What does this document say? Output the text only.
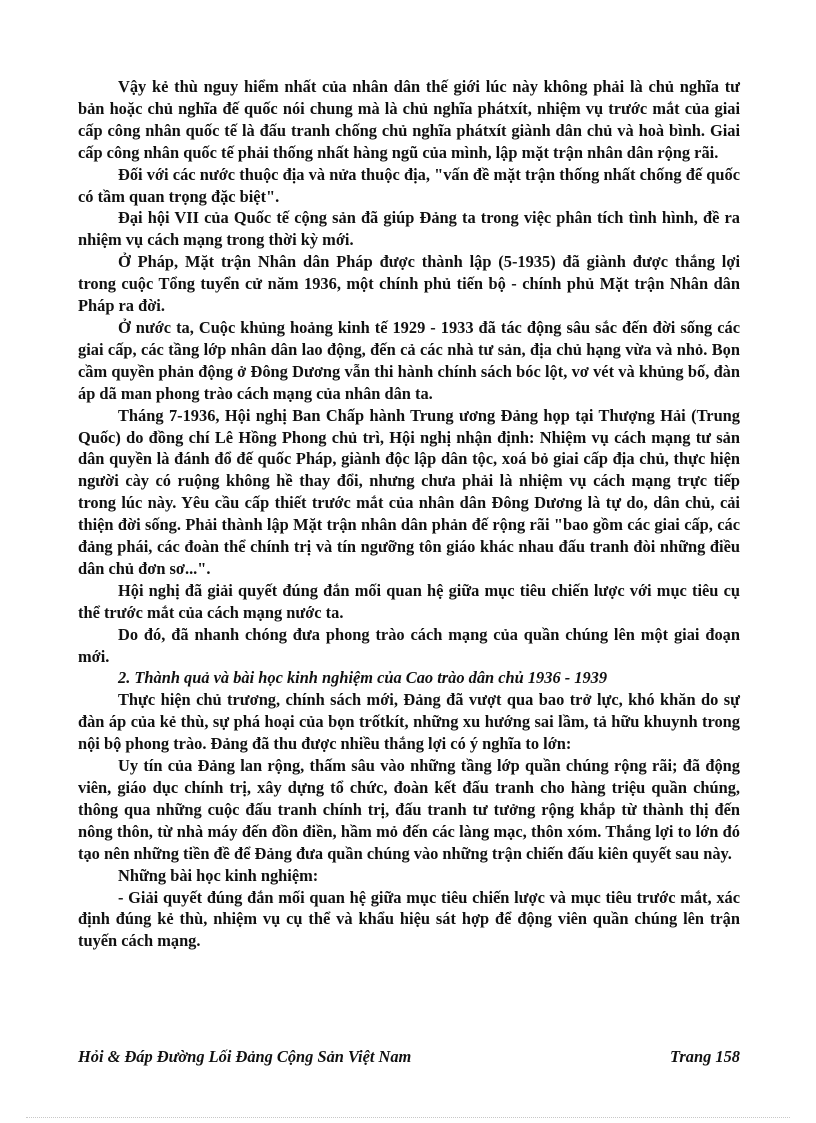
Vậy kẻ thù nguy hiểm nhất của nhân dân thế giới lúc này không phải là chủ nghĩa tư bản hoặc chủ nghĩa đế quốc nói chung mà là chủ nghĩa phátxít, nhiệm vụ trước mắt của giai cấp công nhân quốc tế là đấu tranh chống chủ nghĩa phátxít giành dân chủ và hoà bình. Giai cấp công nhân quốc tế phải thống nhất hàng ngũ của mình, lập mặt trận nhân dân rộng rãi.

Đối với các nước thuộc địa và nửa thuộc địa, "vấn đề mặt trận thống nhất chống đế quốc có tầm quan trọng đặc biệt".

Đại hội VII của Quốc tế cộng sản đã giúp Đảng ta trong việc phân tích tình hình, đề ra nhiệm vụ cách mạng trong thời kỳ mới.

Ở Pháp, Mặt trận Nhân dân Pháp được thành lập (5-1935) đã giành được thắng lợi trong cuộc Tổng tuyển cử năm 1936, một chính phủ tiến bộ - chính phủ Mặt trận Nhân dân Pháp ra đời.

Ở nước ta, Cuộc khủng hoảng kinh tế 1929 - 1933 đã tác động sâu sắc đến đời sống các giai cấp, các tầng lớp nhân dân lao động, đến cả các nhà tư sản, địa chủ hạng vừa và nhỏ. Bọn cầm quyền phản động ở Đông Dương vẫn thi hành chính sách bóc lột, vơ vét và khủng bố, đàn áp dã man phong trào cách mạng của nhân dân ta.

Tháng 7-1936, Hội nghị Ban Chấp hành Trung ương Đảng họp tại Thượng Hải (Trung Quốc) do đồng chí Lê Hồng Phong chủ trì, Hội nghị nhận định: Nhiệm vụ cách mạng tư sản dân quyền là đánh đổ đế quốc Pháp, giành độc lập dân tộc, xoá bỏ giai cấp địa chủ, thực hiện người cày có ruộng không hề thay đổi, nhưng chưa phải là nhiệm vụ cách mạng trực tiếp trong lúc này. Yêu cầu cấp thiết trước mắt của nhân dân Đông Dương là tự do, dân chủ, cải thiện đời sống. Phải thành lập Mặt trận nhân dân phản đế rộng rãi "bao gồm các giai cấp, các đảng phái, các đoàn thể chính trị và tín ngưỡng tôn giáo khác nhau đấu tranh đòi những điều dân chủ đơn sơ...".

Hội nghị đã giải quyết đúng đắn mối quan hệ giữa mục tiêu chiến lược với mục tiêu cụ thể trước mắt của cách mạng nước ta.

Do đó, đã nhanh chóng đưa phong trào cách mạng của quần chúng lên một giai đoạn mới.

2. Thành quả và bài học kinh nghiệm của Cao trào dân chủ 1936 - 1939

Thực hiện chủ trương, chính sách mới, Đảng đã vượt qua bao trở lực, khó khăn do sự đàn áp của kẻ thù, sự phá hoại của bọn trốtkít, những xu hướng sai lầm, tả hữu khuynh trong nội bộ phong trào. Đảng đã thu được nhiều thắng lợi có ý nghĩa to lớn:

Uy tín của Đảng lan rộng, thấm sâu vào những tầng lớp quần chúng rộng rãi; đã động viên, giáo dục chính trị, xây dựng tổ chức, đoàn kết đấu tranh cho hàng triệu quần chúng, thông qua những cuộc đấu tranh chính trị, đấu tranh tư tưởng rộng khắp từ thành thị đến nông thôn, từ nhà máy đến đồn điền, hầm mỏ đến các làng mạc, thôn xóm. Thắng lợi to lớn đó tạo nên những tiền đề để Đảng đưa quần chúng vào những trận chiến đấu kiên quyết sau này.

Những bài học kinh nghiệm:

- Giải quyết đúng đắn mối quan hệ giữa mục tiêu chiến lược và mục tiêu trước mắt, xác định đúng kẻ thù, nhiệm vụ cụ thể và khẩu hiệu sát hợp để động viên quần chúng lên trận tuyến cách mạng.

Hỏi & Đáp Đường Lối Đảng Cộng Sản Việt Nam	Trang 158
